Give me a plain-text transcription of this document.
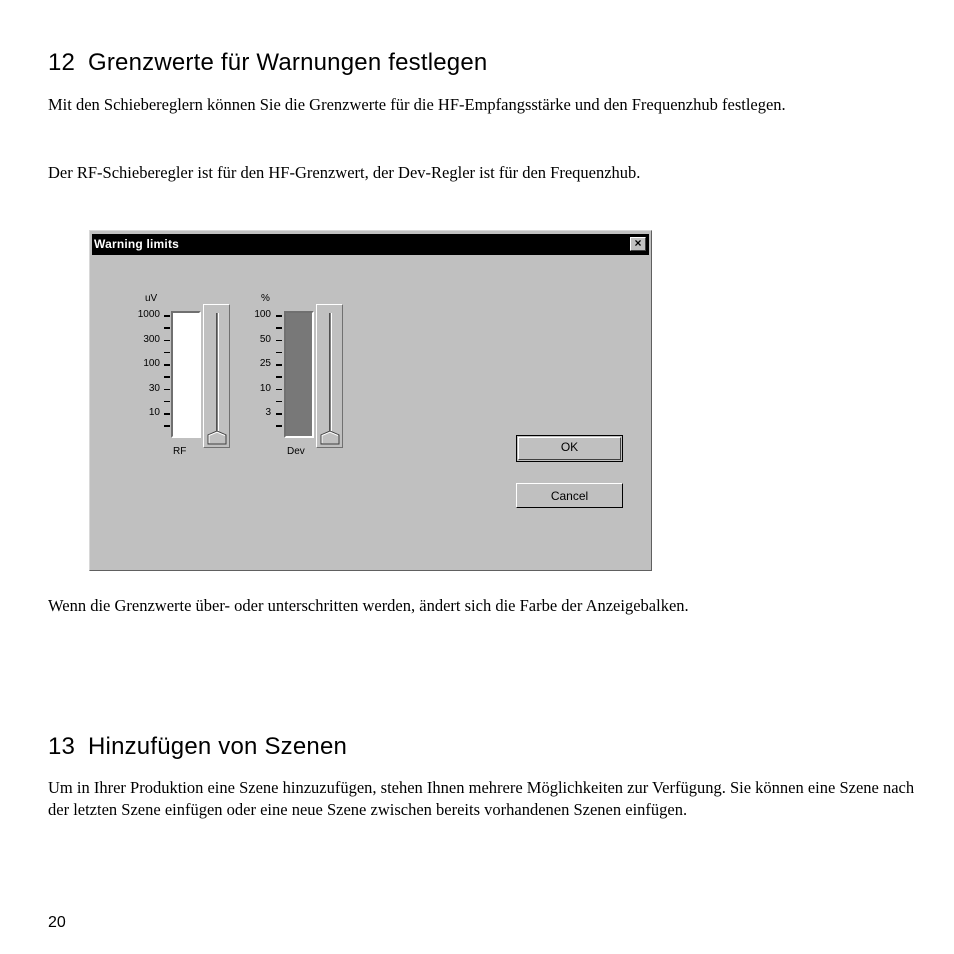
12 Grenzwerte für Warnungen festlegen

Mit den Schiebereglern können Sie die Grenzwerte für die HF-Empfangsstärke und den Frequenzhub festlegen.

Der RF-Schieberegler ist für den HF-Grenzwert, der Dev-Regler ist für den Frequenzhub.

Warning limits	×
uV
1000
300
100
30
10
RF
%
100
50
25
10
3
Dev	OK
Cancel

Wenn die Grenzwerte über- oder unterschritten werden, ändert sich die Farbe der Anzeigebalken.

13 Hinzufügen von Szenen

Um in Ihrer Produktion eine Szene hinzuzufügen, stehen Ihnen mehrere Möglichkeiten zur Verfügung. Sie können eine Szene nach der letzten Szene einfügen oder eine neue Szene zwischen bereits vorhandenen Szenen einfügen.

20
